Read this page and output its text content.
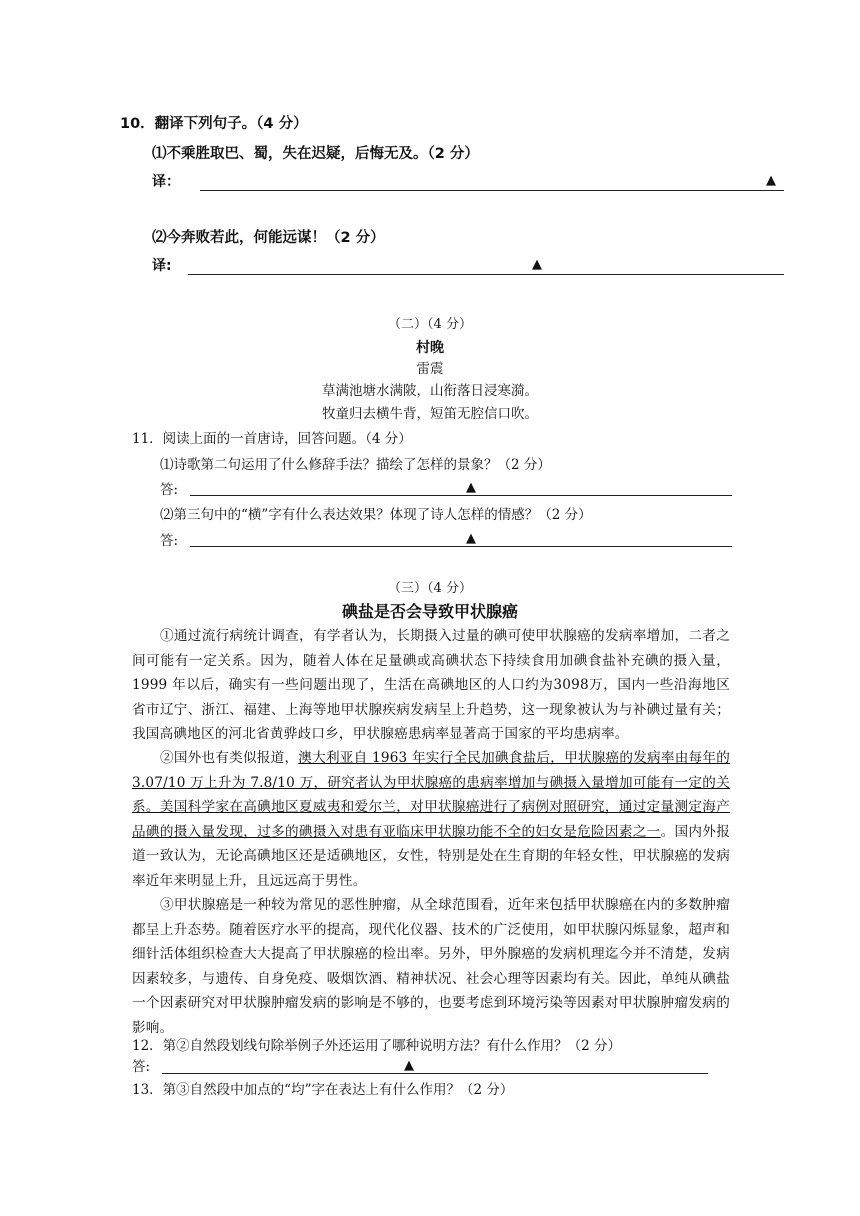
10．翻译下列句子。（4 分）
⑴不乘胜取巴、蜀，失在迟疑，后悔无及。（2 分）
译：	▲
⑵今奔败若此，何能远谋！（2 分）
译:	▲
（二）（4 分）
村晚
雷震
草满池塘水满陂，山衔落日浸寒漪。
牧童归去横牛背，短笛无腔信口吹。
11．阅读上面的一首唐诗，回答问题。（4 分）
⑴诗歌第二句运用了什么修辞手法？描绘了怎样的景象？（2 分）
答:	▲
⑵第三句中的“横”字有什么表达效果？体现了诗人怎样的情感？（2 分）
答:	▲
（三）（4 分）
碘盐是否会导致甲状腺癌
①通过流行病统计调查，有学者认为，长期摄入过量的碘可使甲状腺癌的发病率增加，二者之间可能有一定关系。因为，随着人体在足量碘或高碘状态下持续食用加碘食盐补充碘的摄入量，1999 年以后，确实有一些问题出现了，生活在高碘地区的人口约为3098万，国内一些沿海地区省市辽宁、浙江、福建、上海等地甲状腺疾病发病呈上升趋势，这一现象被认为与补碘过量有关；我国高碘地区的河北省黄骅歧口乡，甲状腺癌患病率显著高于国家的平均患病率。
②国外也有类似报道，澳大利亚自 1963 年实行全民加碘食盐后，甲状腺癌的发病率由每年的 3.07/10 万上升为 7.8/10 万，研究者认为甲状腺癌的患病率增加与碘摄入量增加可能有一定的关系。美国科学家在高碘地区夏威夷和爱尔兰，对甲状腺癌进行了病例对照研究，通过定量测定海产品碘的摄入量发现，过多的碘摄入对患有亚临床甲状腺功能不全的妇女是危险因素之一。国内外报道一致认为，无论高碘地区还是适碘地区，女性，特别是处在生育期的年轻女性，甲状腺癌的发病率近年来明显上升，且远远高于男性。
③甲状腺癌是一种较为常见的恶性肿瘤，从全球范围看，近年来包括甲状腺癌在内的多数肿瘤都呈上升态势。随着医疗水平的提高，现代化仪器、技术的广泛使用，如甲状腺闪烁显象，超声和细针活体组织检查大大提高了甲状腺癌的检出率。另外，甲外腺癌的发病机理迄今并不清楚，发病因素较多，与遗传、自身免疫、吸烟饮酒、精神状况、社会心理等因素均有关。因此，单纯从碘盐一个因素研究对甲状腺肿瘤发病的影响是不够的，也要考虑到环境污染等因素对甲状腺肿瘤发病的影响。
12．第②自然段划线句除举例子外还运用了哪种说明方法？有什么作用？（2 分）
答:	▲
13．第③自然段中加点的“均”字在表达上有什么作用？（2 分）
